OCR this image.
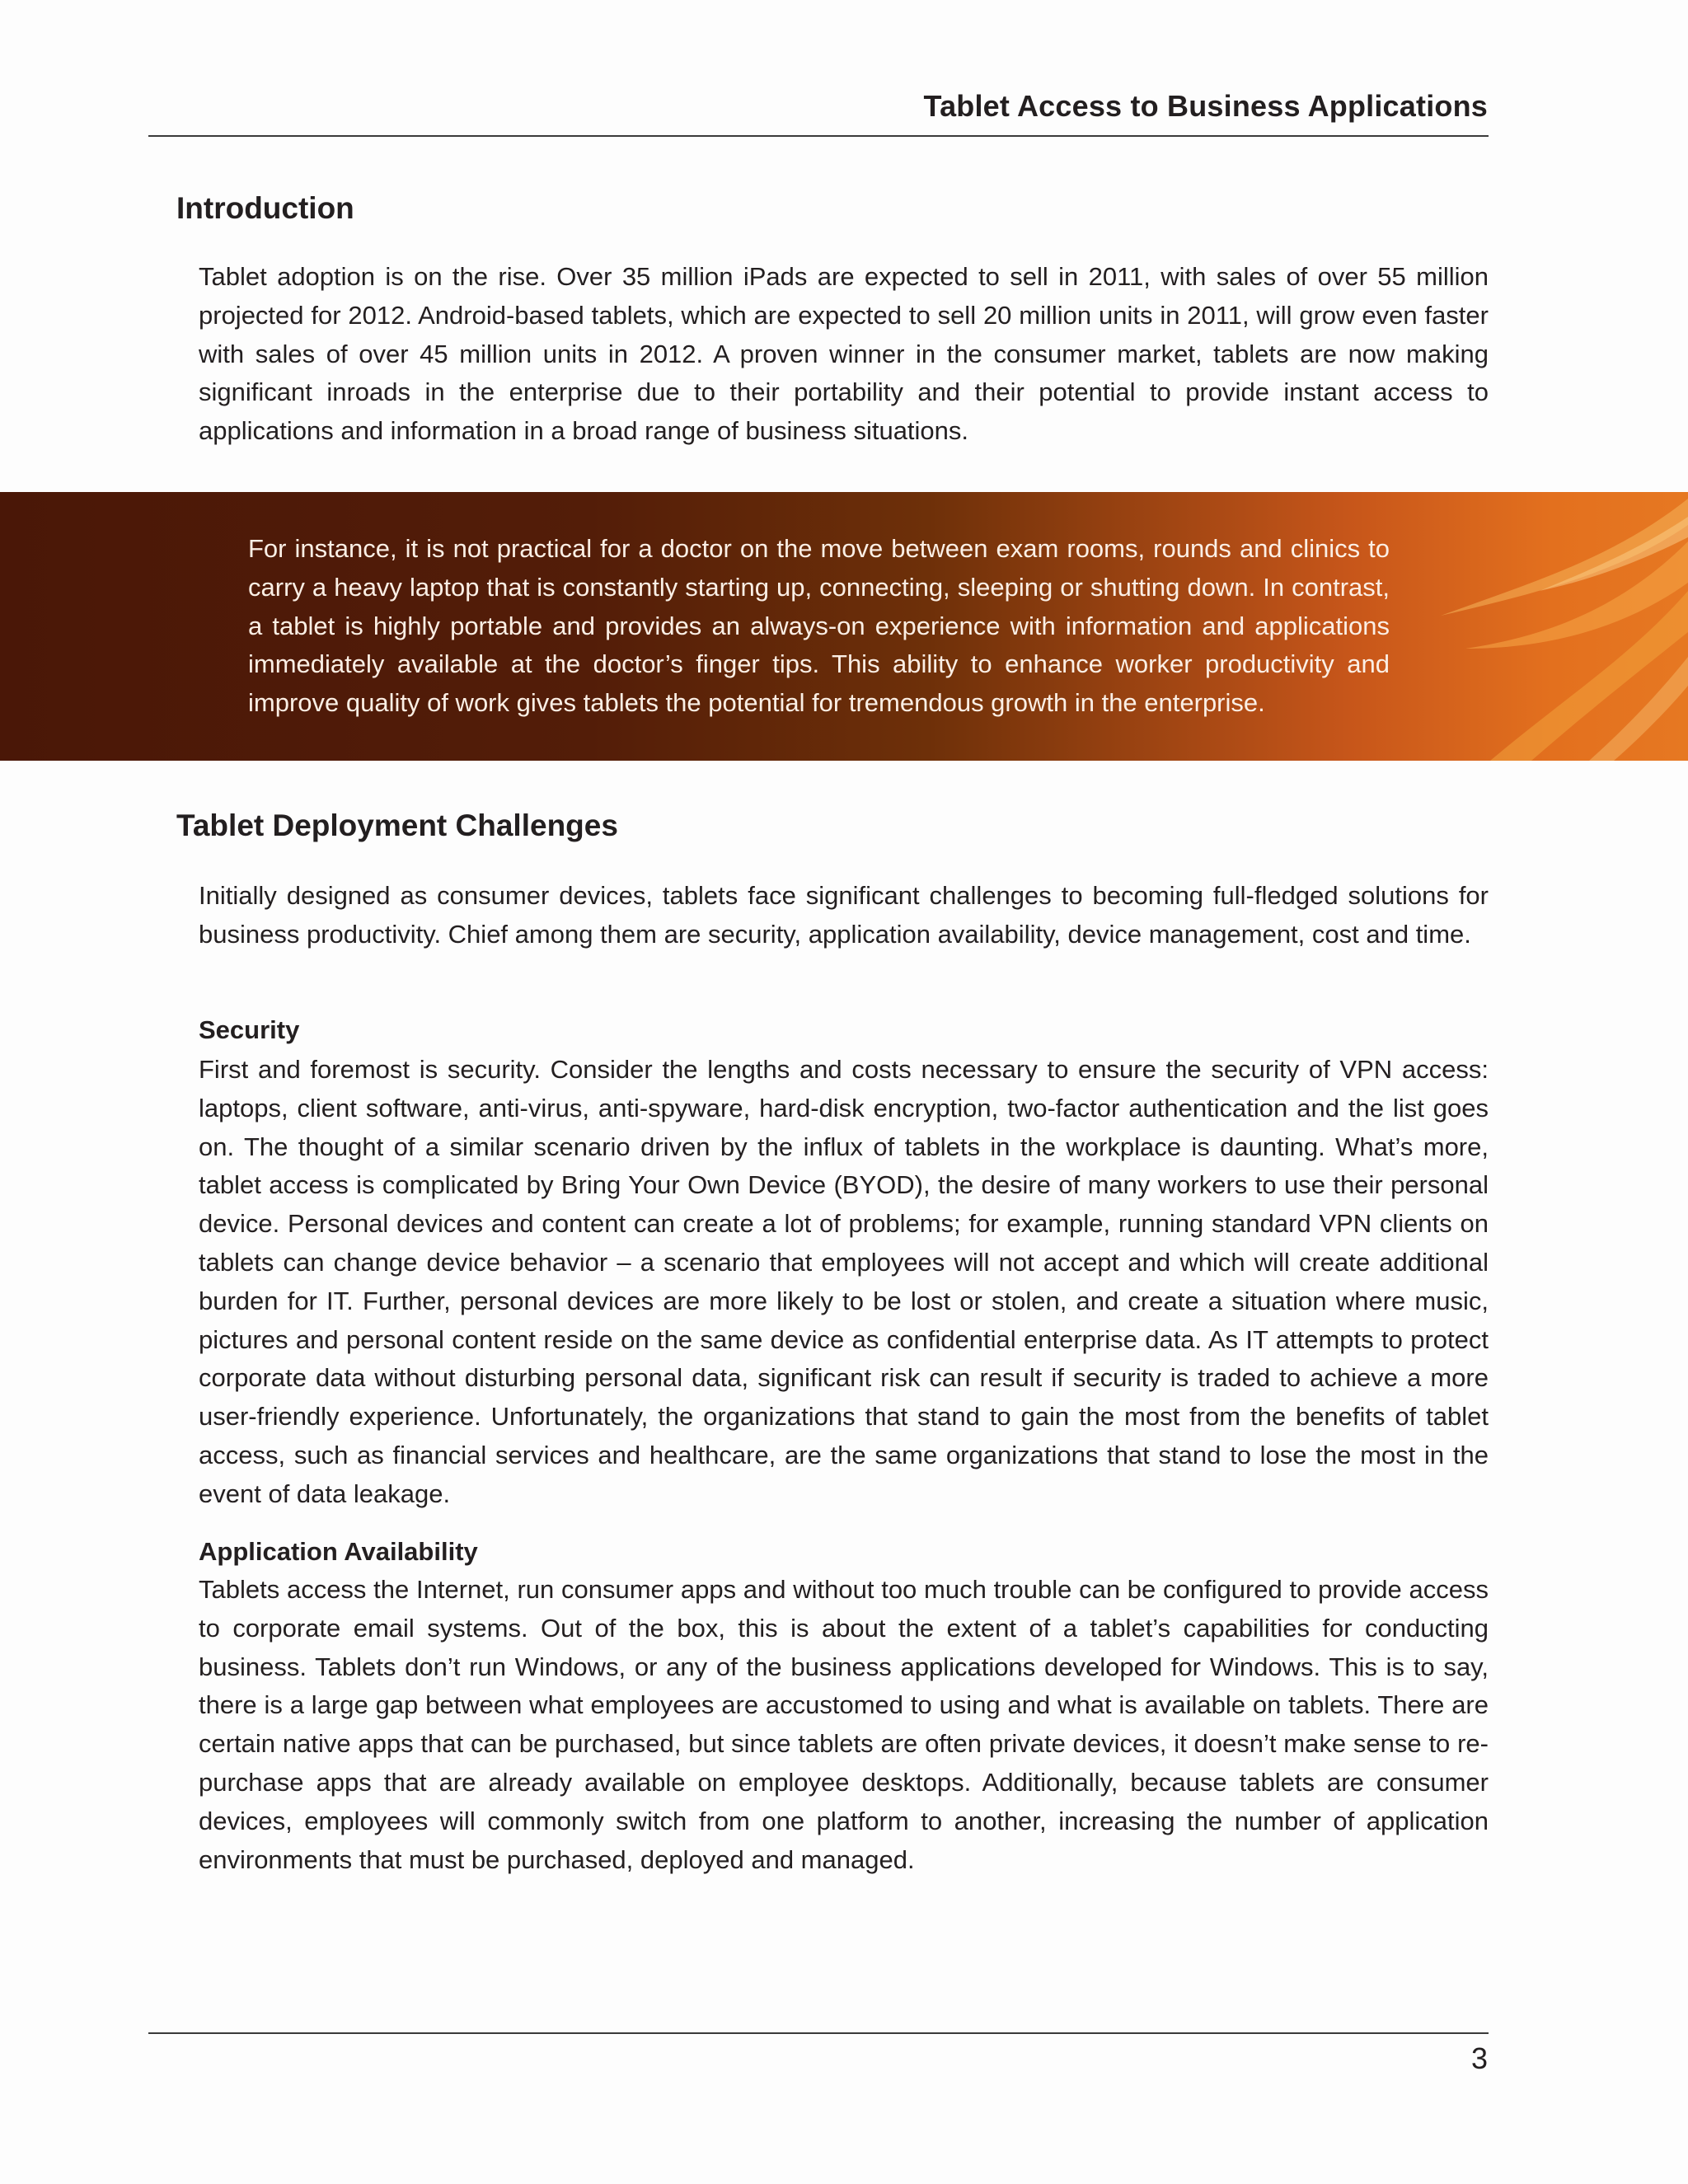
Tablet Access to Business Applications
Introduction

Tablet adoption is on the rise. Over 35 million iPads are expected to sell in 2011, with sales of over 55 million projected for 2012. Android-based tablets, which are expected to sell 20 million units in 2011, will grow even faster with sales of over 45 million units in 2012. A proven winner in the consumer market, tablets are now making significant inroads in the enterprise due to their portability and their potential to provide instant access to applications and information in a broad range of business situations.

For instance, it is not practical for a doctor on the move between exam rooms, rounds and clinics to carry a heavy laptop that is constantly starting up, connecting, sleeping or shutting down. In contrast, a tablet is highly portable and provides an always-on experience with information and applications immediately available at the doctor’s finger tips. This ability to enhance worker productivity and improve quality of work gives tablets the potential for tremendous growth in the enterprise.

Tablet Deployment Challenges

Initially designed as consumer devices, tablets face significant challenges to becoming full-fledged solutions for business productivity. Chief among them are security, application availability, device management, cost and time.

Security

First and foremost is security. Consider the lengths and costs necessary to ensure the security of VPN access: laptops, client software, anti-virus, anti-spyware, hard-disk encryption, two-factor authentication and the list goes on. The thought of a similar scenario driven by the influx of tablets in the workplace is daunting. What’s more, tablet access is complicated by Bring Your Own Device (BYOD), the desire of many workers to use their personal device. Personal devices and content can create a lot of problems; for example, running standard VPN clients on tablets can change device behavior – a scenario that employees will not accept and which will create additional burden for IT. Further, personal devices are more likely to be lost or stolen, and create a situation where music, pictures and personal content reside on the same device as confidential enterprise data. As IT attempts to protect corporate data without disturbing personal data, significant risk can result if security is traded to achieve a more user-friendly experience. Unfortunately, the organizations that stand to gain the most from the benefits of tablet access, such as financial services and healthcare, are the same organizations that stand to lose the most in the event of data leakage.

Application Availability

Tablets access the Internet, run consumer apps and without too much trouble can be configured to provide access to corporate email systems. Out of the box, this is about the extent of a tablet’s capabilities for conducting business. Tablets don’t run Windows, or any of the business applications developed for Windows. This is to say, there is a large gap between what employees are accustomed to using and what is available on tablets. There are certain native apps that can be purchased, but since tablets are often private devices, it doesn’t make sense to re-purchase apps that are already available on employee desktops. Additionally, because tablets are consumer devices, employees will commonly switch from one platform to another, increasing the number of application environments that must be purchased, deployed and managed.

3
